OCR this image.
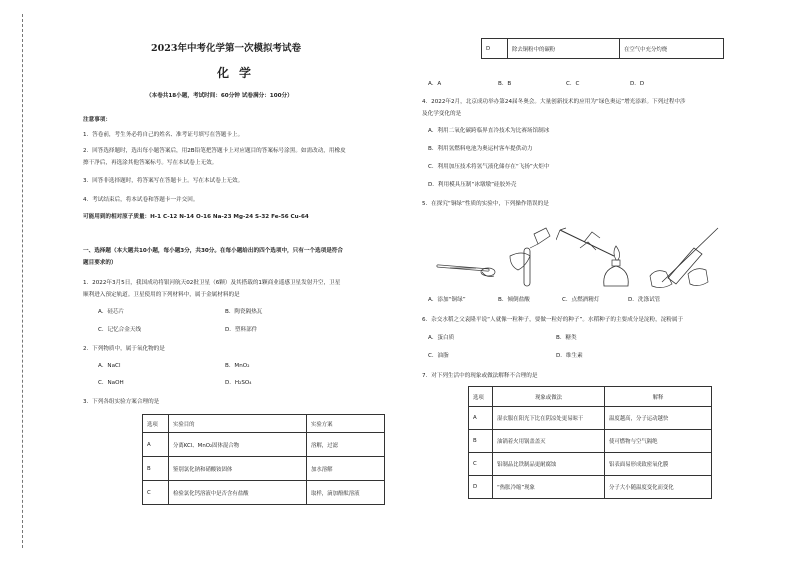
2023年中考化学第一次模拟考试卷
化学
（本卷共18小题，考试时间：60分钟 试卷满分：100分）
注意事项：
1．答卷前，考生务必将自己的姓名、准考证号填写在答题卡上。
2．回答选择题时，选出每小题答案后，用2B铅笔把答题卡上对应题目的答案标号涂黑。如需改动，用橡皮
擦干净后，再选涂其他答案标号。写在本试卷上无效。
3．回答非选择题时，将答案写在答题卡上。写在本试卷上无效。
4．考试结束后，将本试卷和答题卡一并交回。
可能用到的相对原子质量：H-1 C-12 N-14 O-16 Na-23 Mg-24 S-32 Fe-56 Cu-64
一、选择题（本大题共10小题，每小题3分，共30分。在每小题给出的四个选项中，只有一个选项是符合
题目要求的）
1．2022年3月5日，我国成功将银河航天02批卫星（6颗）及其搭载的1颗商业遥感卫星发射升空，卫星
顺利进入预定轨道。卫星使用的下列材料中，属于金属材料的是
A．硅芯片	B．陶瓷隔热瓦
C．记忆合金天线	D．塑料部件
2．下列物质中，属于氧化物的是
A．NaCl	B．MnO₂
C．NaOH	D．H₂SO₄
3．下列各组实验方案合理的是
选项	实验目的	实验方案
A	分离KCl、MnO₂固体混合物	溶解，过滤
B	鉴别氯化钠和硝酸铵固体	加水溶解
C	检验氯化钙溶液中是否含有盐酸	取样，滴加酚酞溶液
D	除去铜粉中的碳粉	在空气中充分灼烧
A．A	B．B	C．C	D．D
4．2022年2月，北京成功举办第24届冬奥会。大量创新技术的应用为“绿色奥运”增光添彩。下列过程中涉
及化学变化的是
A．利用二氧化碳跨临界直冷技术为比赛场馆制冰
B．利用氢燃料电池为奥运村客车提供动力
C．利用加压技术将氢气液化储存在“飞扬”火炬中
D．利用模具压制“冰墩墩”硅胶外壳
5．在探究“铜绿”性质的实验中，下列操作错误的是
A．添加“铜绿”	B．倾倒盐酸	C．点燃酒精灯	D．洗涤试管
6．杂交水稻之父袁隆平说“人就像一粒种子，要做一粒好的种子”。水稻种子的主要成分是淀粉，淀粉属于
A．蛋白质	B．糖类
C．油脂	D．维生素
7．对下列生活中的现象或做法解释不合理的是
选项	现象或做法	解释
A	湿衣服在阳光下比在阴凉处更易晾干	温度越高，分子运动越快
B	油锅着火用锅盖盖灭	使可燃物与空气隔绝
C	铝制品比铁制品更耐腐蚀	铝表面易形成致密氧化膜
D	“热胀冷缩”现象	分子大小随温度变化而变化
